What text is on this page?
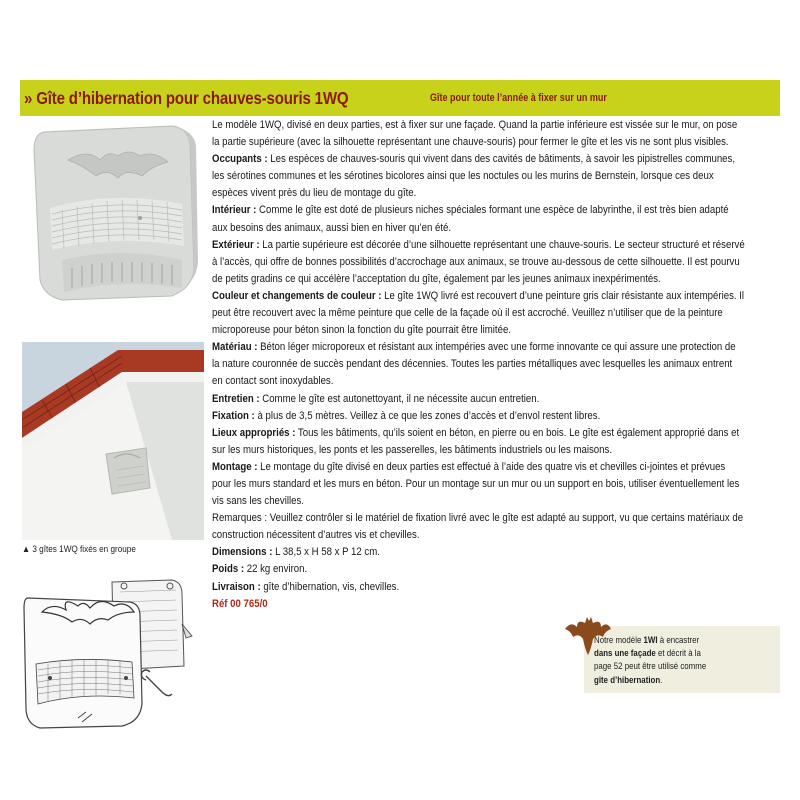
» Gîte d’hibernation pour chauves-souris 1WQ	Gîte pour toute l’année à fixer sur un mur
▲ 3 gîtes 1WQ fixés en groupe

Le modèle 1WQ, divisé en deux parties, est à fixer sur une façade. Quand la partie inférieure est vissée sur le mur, on pose la partie supérieure (avec la silhouette représentant une chauve-souris) pour fermer le gîte et les vis ne sont plus visibles.

Occupants : Les espèces de chauves-souris qui vivent dans des cavités de bâtiments, à savoir les pipistrelles communes, les sérotines communes et les sérotines bicolores ainsi que les noctules ou les murins de Bernstein, lorsque ces deux espèces vivent près du lieu de montage du gîte.

Intérieur : Comme le gîte est doté de plusieurs niches spéciales formant une espèce de labyrinthe, il est très bien adapté aux besoins des animaux, aussi bien en hiver qu’en été.

Extérieur : La partie supérieure est décorée d’une silhouette représentant une chauve-souris. Le secteur structuré et réservé à l’accès, qui offre de bonnes possibilités d’accrochage aux animaux, se trouve au-dessous de cette silhouette. Il est pourvu de petits gradins ce qui accélère l’acceptation du gîte, également par les jeunes animaux inexpérimentés.

Couleur et changements de couleur : Le gîte 1WQ livré est recouvert d’une peinture gris clair résistante aux intempéries. Il peut être recouvert avec la même peinture que celle de la façade où il est accroché. Veuillez n’utiliser que de la peinture microporeuse pour béton sinon la fonction du gîte pourrait être limitée.

Matériau : Béton léger microporeux et résistant aux intempéries avec une forme innovante ce qui assure une protection de la nature couronnée de succès pendant des décennies. Toutes les parties métalliques avec lesquelles les animaux entrent en contact sont inoxydables.

Entretien : Comme le gîte est autonettoyant, il ne nécessite aucun entretien.

Fixation : à plus de 3,5 mètres. Veillez à ce que les zones d’accès et d’envol restent libres.

Lieux appropriés : Tous les bâtiments, qu’ils soient en béton, en pierre ou en bois. Le gîte est également approprié dans et sur les murs historiques, les ponts et les passerelles, les bâtiments industriels ou les maisons.

Montage : Le montage du gîte divisé en deux parties est effectué à l’aide des quatre vis et chevilles ci-jointes et prévues pour les murs standard et les murs en béton. Pour un montage sur un mur ou un support en bois, utiliser éventuellement les vis sans les chevilles.

Remarques : Veuillez contrôler si le matériel de fixation livré avec le gîte est adapté au support, vu que certains matériaux de construction nécessitent d’autres vis et chevilles.

Dimensions : L 38,5 x H 58 x P 12 cm.

Poids : 22 kg environ.

Livraison : gîte d’hibernation, vis, chevilles.

Réf 00 765/0

Notre modèle 1WI à encastrer
dans une façade et décrit à la
page 52 peut être utilisé comme
gîte d’hibernation.
